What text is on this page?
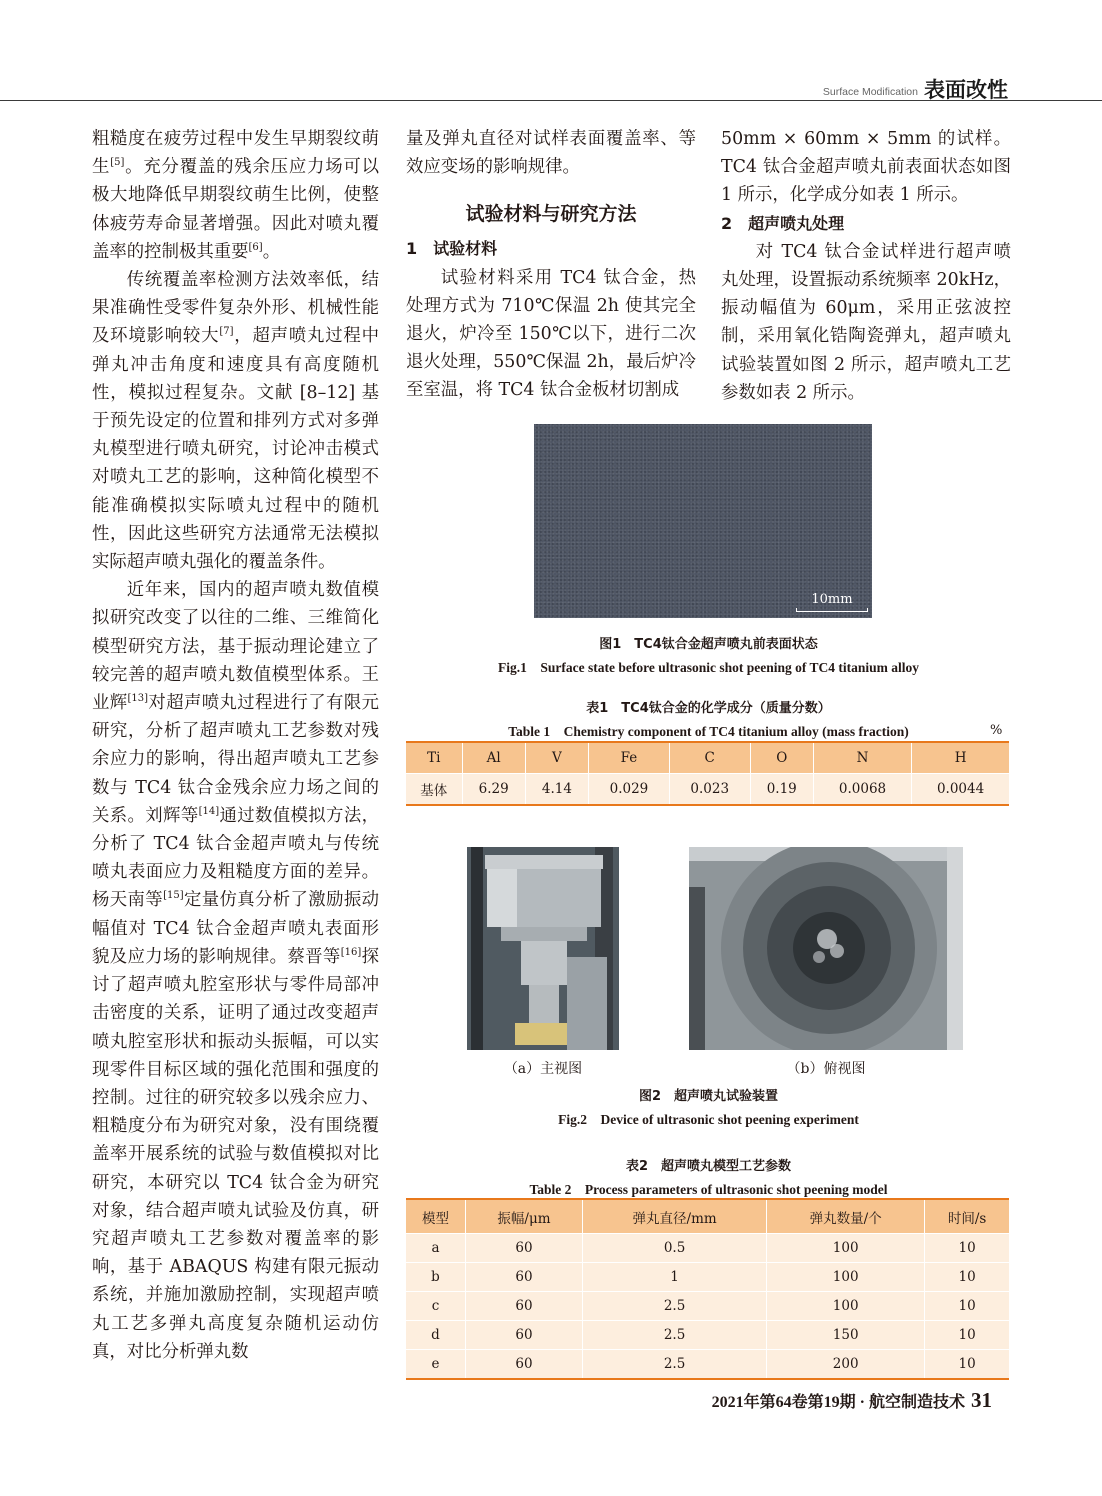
Surface Modification 表面改性

粗糙度在疲劳过程中发生早期裂纹萌生[5]。充分覆盖的残余压应力场可以极大地降低早期裂纹萌生比例，使整体疲劳寿命显著增强。因此对喷丸覆盖率的控制极其重要[6]。

传统覆盖率检测方法效率低，结果准确性受零件复杂外形、机械性能及环境影响较大[7]，超声喷丸过程中弹丸冲击角度和速度具有高度随机性，模拟过程复杂。文献 [8–12] 基于预先设定的位置和排列方式对多弹丸模型进行喷丸研究，讨论冲击模式对喷丸工艺的影响，这种简化模型不能准确模拟实际喷丸过程中的随机性，因此这些研究方法通常无法模拟实际超声喷丸强化的覆盖条件。

近年来，国内的超声喷丸数值模拟研究改变了以往的二维、三维简化模型研究方法，基于振动理论建立了较完善的超声喷丸数值模型体系。王业辉[13]对超声喷丸过程进行了有限元研究，分析了超声喷丸工艺参数对残余应力的影响，得出超声喷丸工艺参数与 TC4 钛合金残余应力场之间的关系。刘辉等[14]通过数值模拟方法，分析了 TC4 钛合金超声喷丸与传统喷丸表面应力及粗糙度方面的差异。杨天南等[15]定量仿真分析了激励振动幅值对 TC4 钛合金超声喷丸表面形貌及应力场的影响规律。蔡晋等[16]探讨了超声喷丸腔室形状与零件局部冲击密度的关系，证明了通过改变超声喷丸腔室形状和振动头振幅，可以实现零件目标区域的强化范围和强度的控制。过往的研究较多以残余应力、粗糙度分布为研究对象，没有围绕覆盖率开展系统的试验与数值模拟对比研究，本研究以 TC4 钛合金为研究对象，结合超声喷丸试验及仿真，研究超声喷丸工艺参数对覆盖率的影响，基于 ABAQUS 构建有限元振动系统，并施加激励控制，实现超声喷丸工艺多弹丸高度复杂随机运动仿真，对比分析弹丸数

量及弹丸直径对试样表面覆盖率、等效应变场的影响规律。

试验材料与研究方法

1　试验材料

试验材料采用 TC4 钛合金，热处理方式为 710℃保温 2h 使其完全退火，炉冷至 150℃以下，进行二次退火处理，550℃保温 2h，最后炉冷至室温，将 TC4 钛合金板材切割成

50mm × 60mm × 5mm 的试样。TC4 钛合金超声喷丸前表面状态如图 1 所示，化学成分如表 1 所示。

2　超声喷丸处理

对 TC4 钛合金试样进行超声喷丸处理，设置振动系统频率 20kHz，振动幅值为 60μm，采用正弦波控制，采用氧化锆陶瓷弹丸，超声喷丸试验装置如图 2 所示，超声喷丸工艺参数如表 2 所示。

10mm
图1　TC4钛合金超声喷丸前表面状态
Fig.1　Surface state before ultrasonic shot peening of TC4 titanium alloy
表1　TC4钛合金的化学成分（质量分数）
Table 1　Chemistry component of TC4 titanium alloy (mass fraction)	%
Ti	Al	V	Fe	C	O	N	H
基体	6.29	4.14	0.029	0.023	0.19	0.0068	0.0044
（a）主视图	（b）俯视图
图2　超声喷丸试验装置
Fig.2　Device of ultrasonic shot peening experiment
表2　超声喷丸模型工艺参数
Table 2　Process parameters of ultrasonic shot peening model
模型	振幅/μm	弹丸直径/mm	弹丸数量/个	时间/s
a	60	0.5	100	10
b	60	1	100	10
c	60	2.5	100	10
d	60	2.5	150	10
e	60	2.5	200	10
2021年第64卷第19期 · 航空制造技术 31
